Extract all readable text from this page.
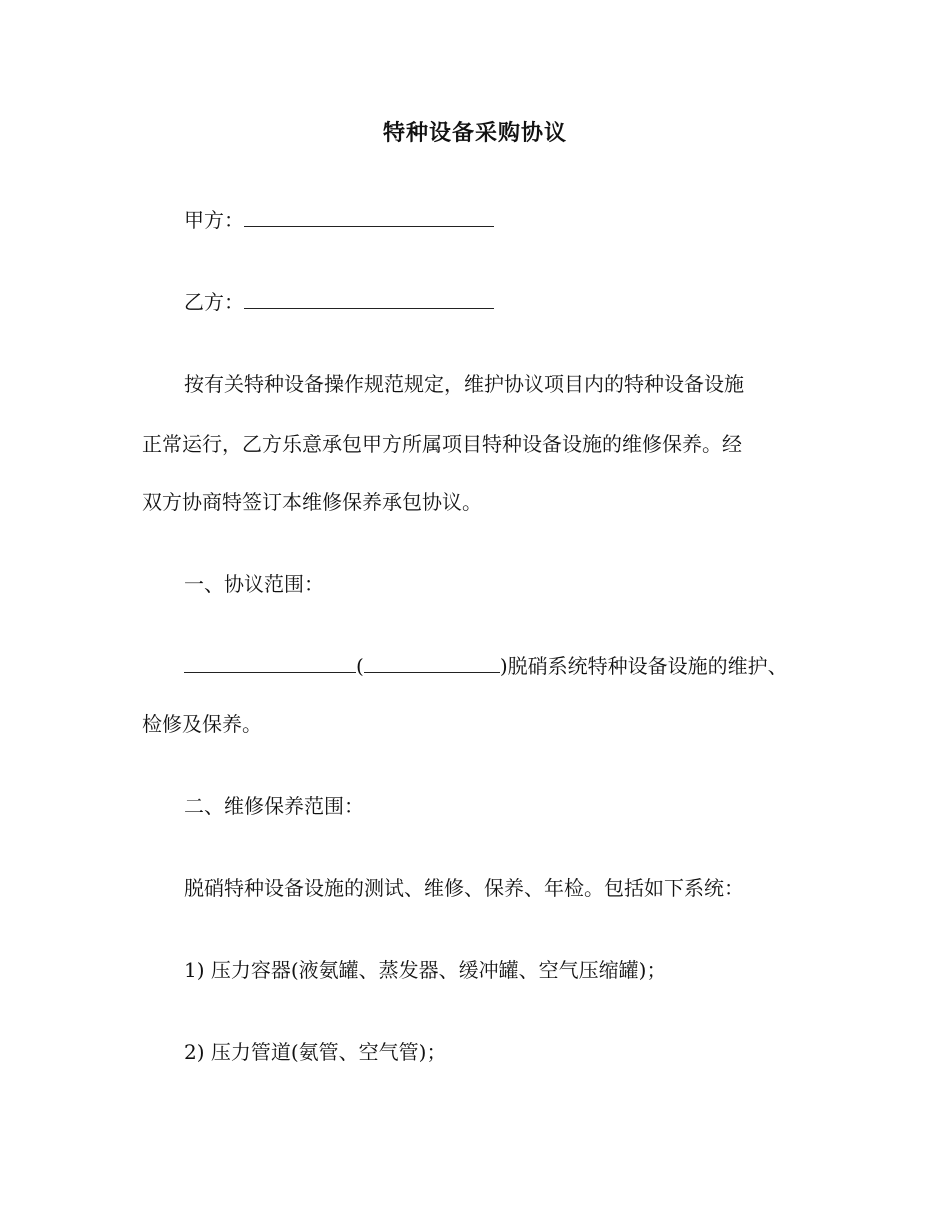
特种设备采购协议
甲方：
乙方：
按有关特种设备操作规范规定，维护协议项目内的特种设备设施
正常运行，乙方乐意承包甲方所属项目特种设备设施的维修保养。经
双方协商特签订本维修保养承包协议。
一、协议范围：
(	)脱硝系统特种设备设施的维护、
检修及保养。
二、维修保养范围：
脱硝特种设备设施的测试、维修、保养、年检。包括如下系统：
1) 压力容器(液氨罐、蒸发器、缓冲罐、空气压缩罐)；
2) 压力管道(氨管、空气管)；
